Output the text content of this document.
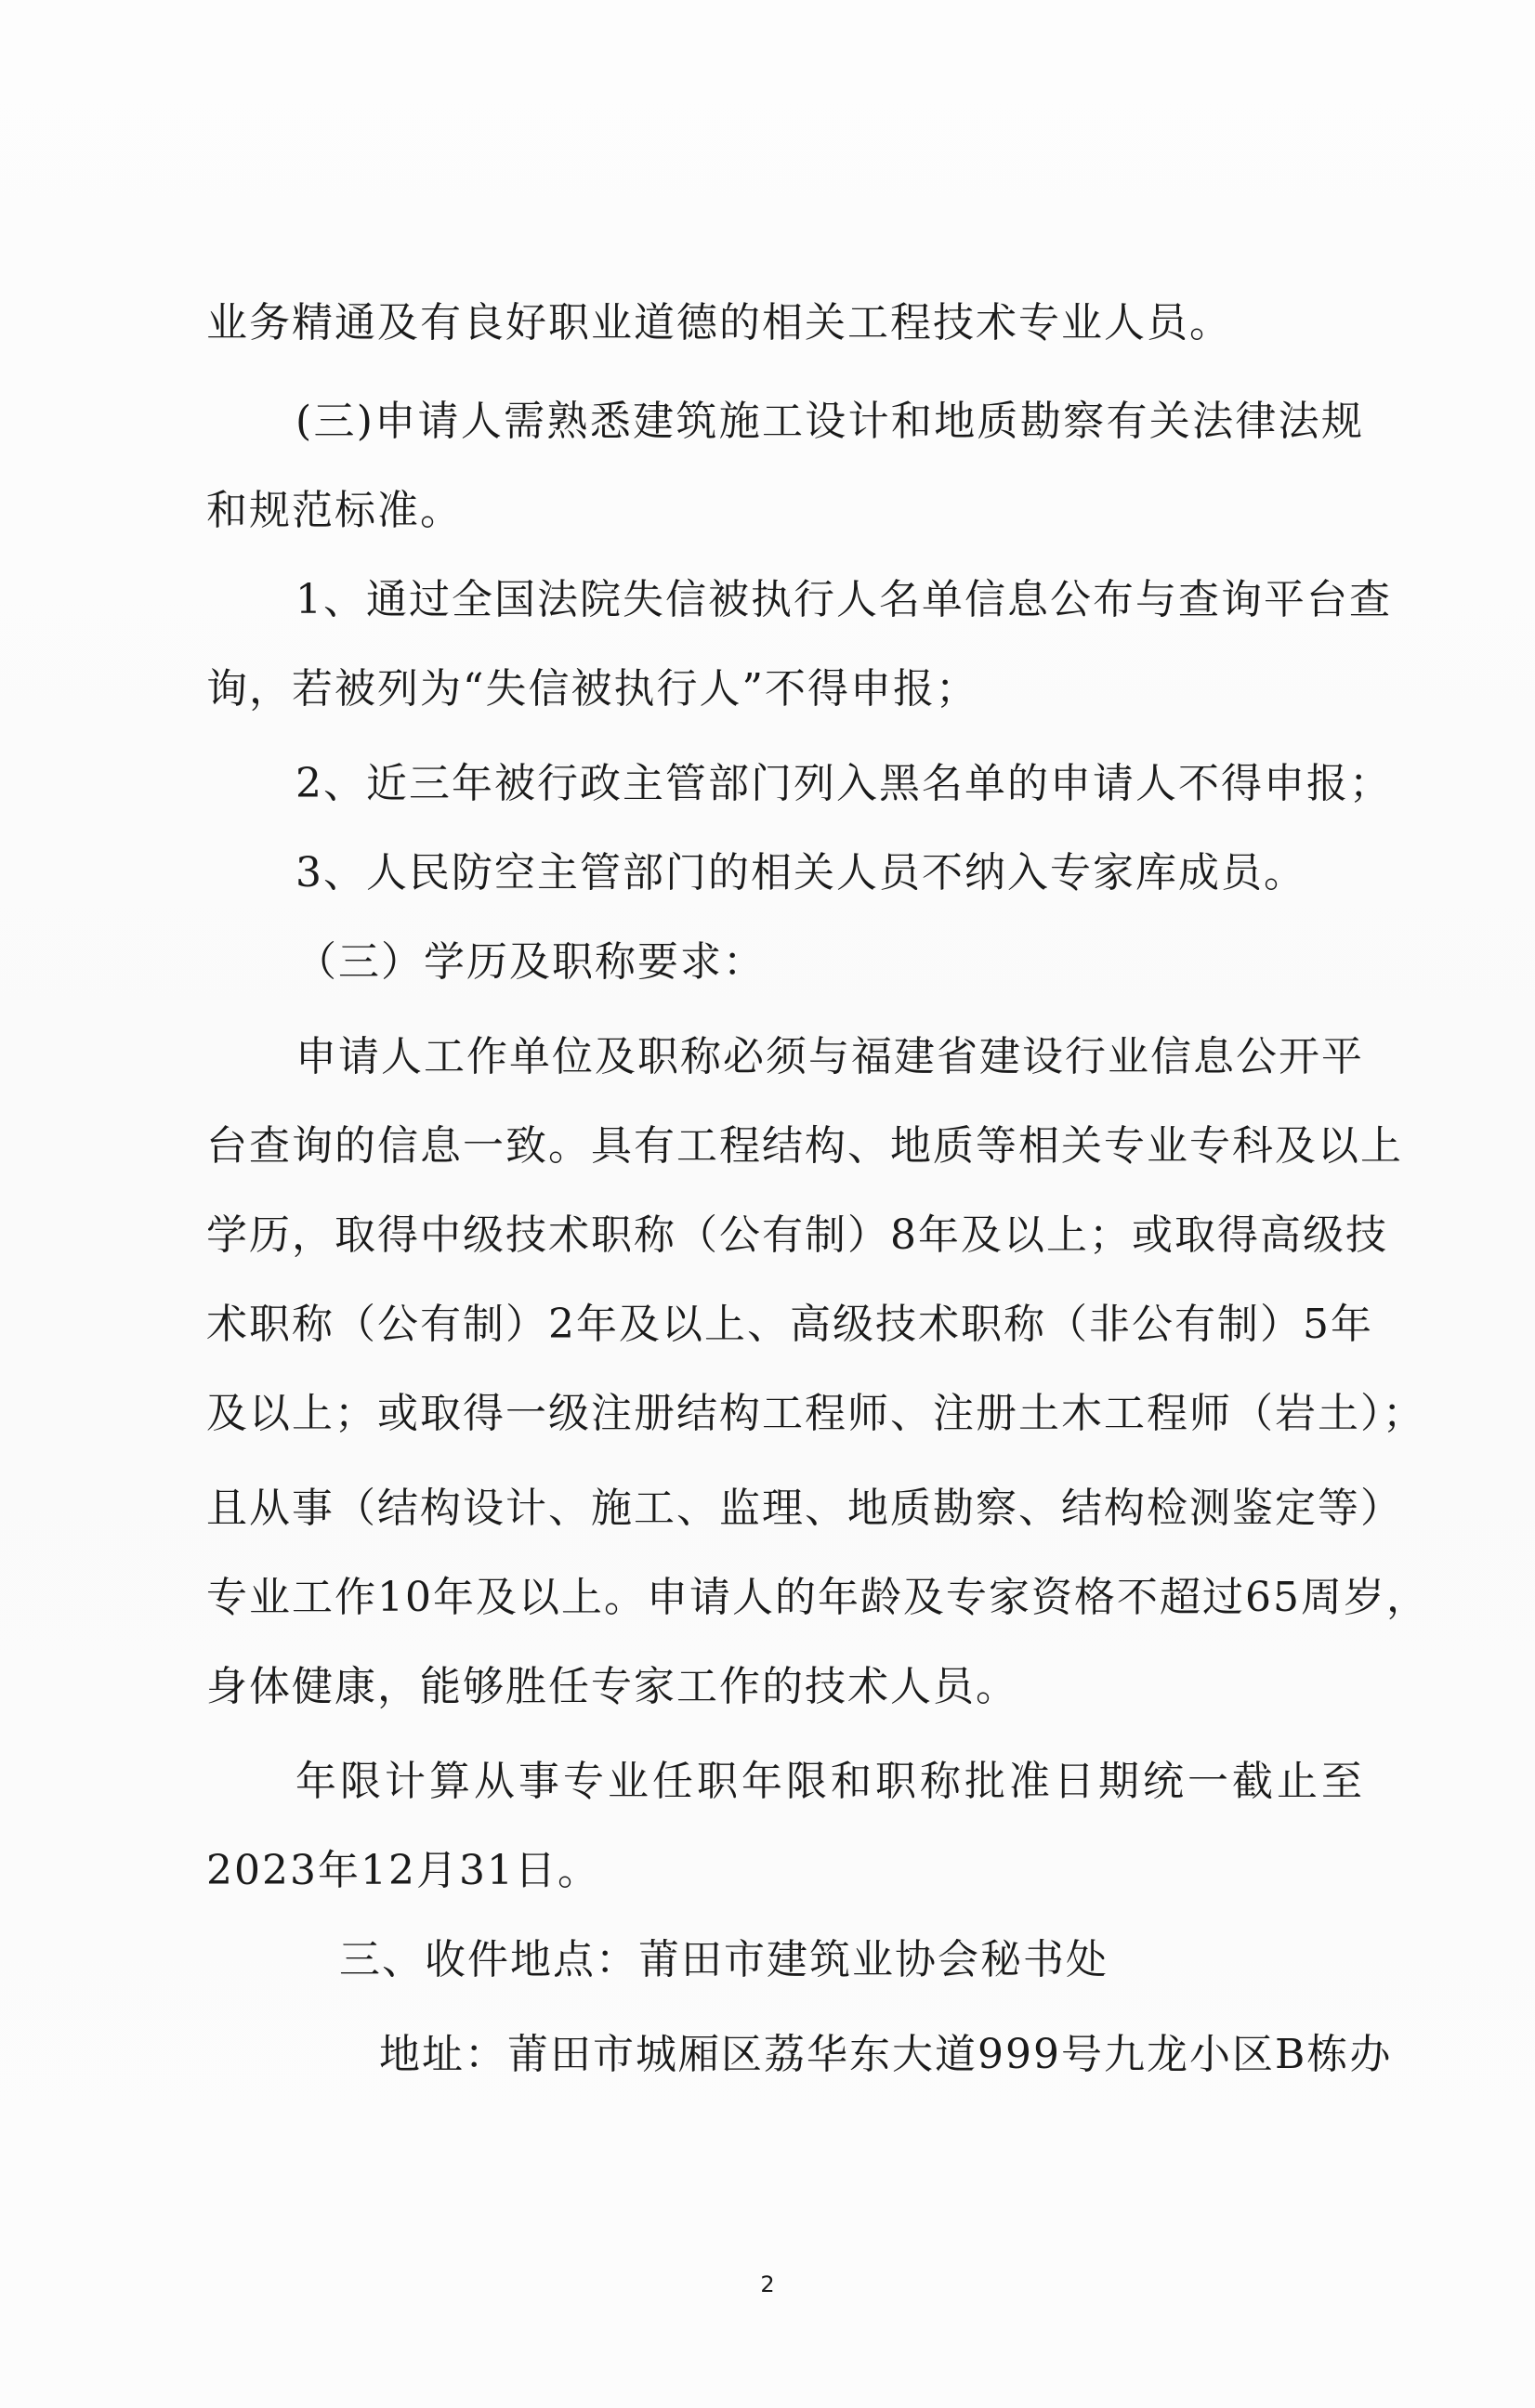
业务精通及有良好职业道德的相关工程技术专业人员。
(三)申请人需熟悉建筑施工设计和地质勘察有关法律法规
和规范标准。
1、通过全国法院失信被执行人名单信息公布与查询平台查
询，若被列为“失信被执行人”不得申报；
2、近三年被行政主管部门列入黑名单的申请人不得申报；
3、人民防空主管部门的相关人员不纳入专家库成员。
（三）学历及职称要求：
申请人工作单位及职称必须与福建省建设行业信息公开平
台查询的信息一致。具有工程结构、地质等相关专业专科及以上
学历，取得中级技术职称（公有制）8年及以上；或取得高级技
术职称（公有制）2年及以上、高级技术职称（非公有制）5年
及以上；或取得一级注册结构工程师、注册土木工程师（岩土）；
且从事（结构设计、施工、监理、地质勘察、结构检测鉴定等）
专业工作10年及以上。申请人的年龄及专家资格不超过65周岁，
身体健康，能够胜任专家工作的技术人员。
年限计算从事专业任职年限和职称批准日期统一截止至
2023年12月31日。
三、收件地点：莆田市建筑业协会秘书处
地址：莆田市城厢区荔华东大道999号九龙小区B栋办
2
